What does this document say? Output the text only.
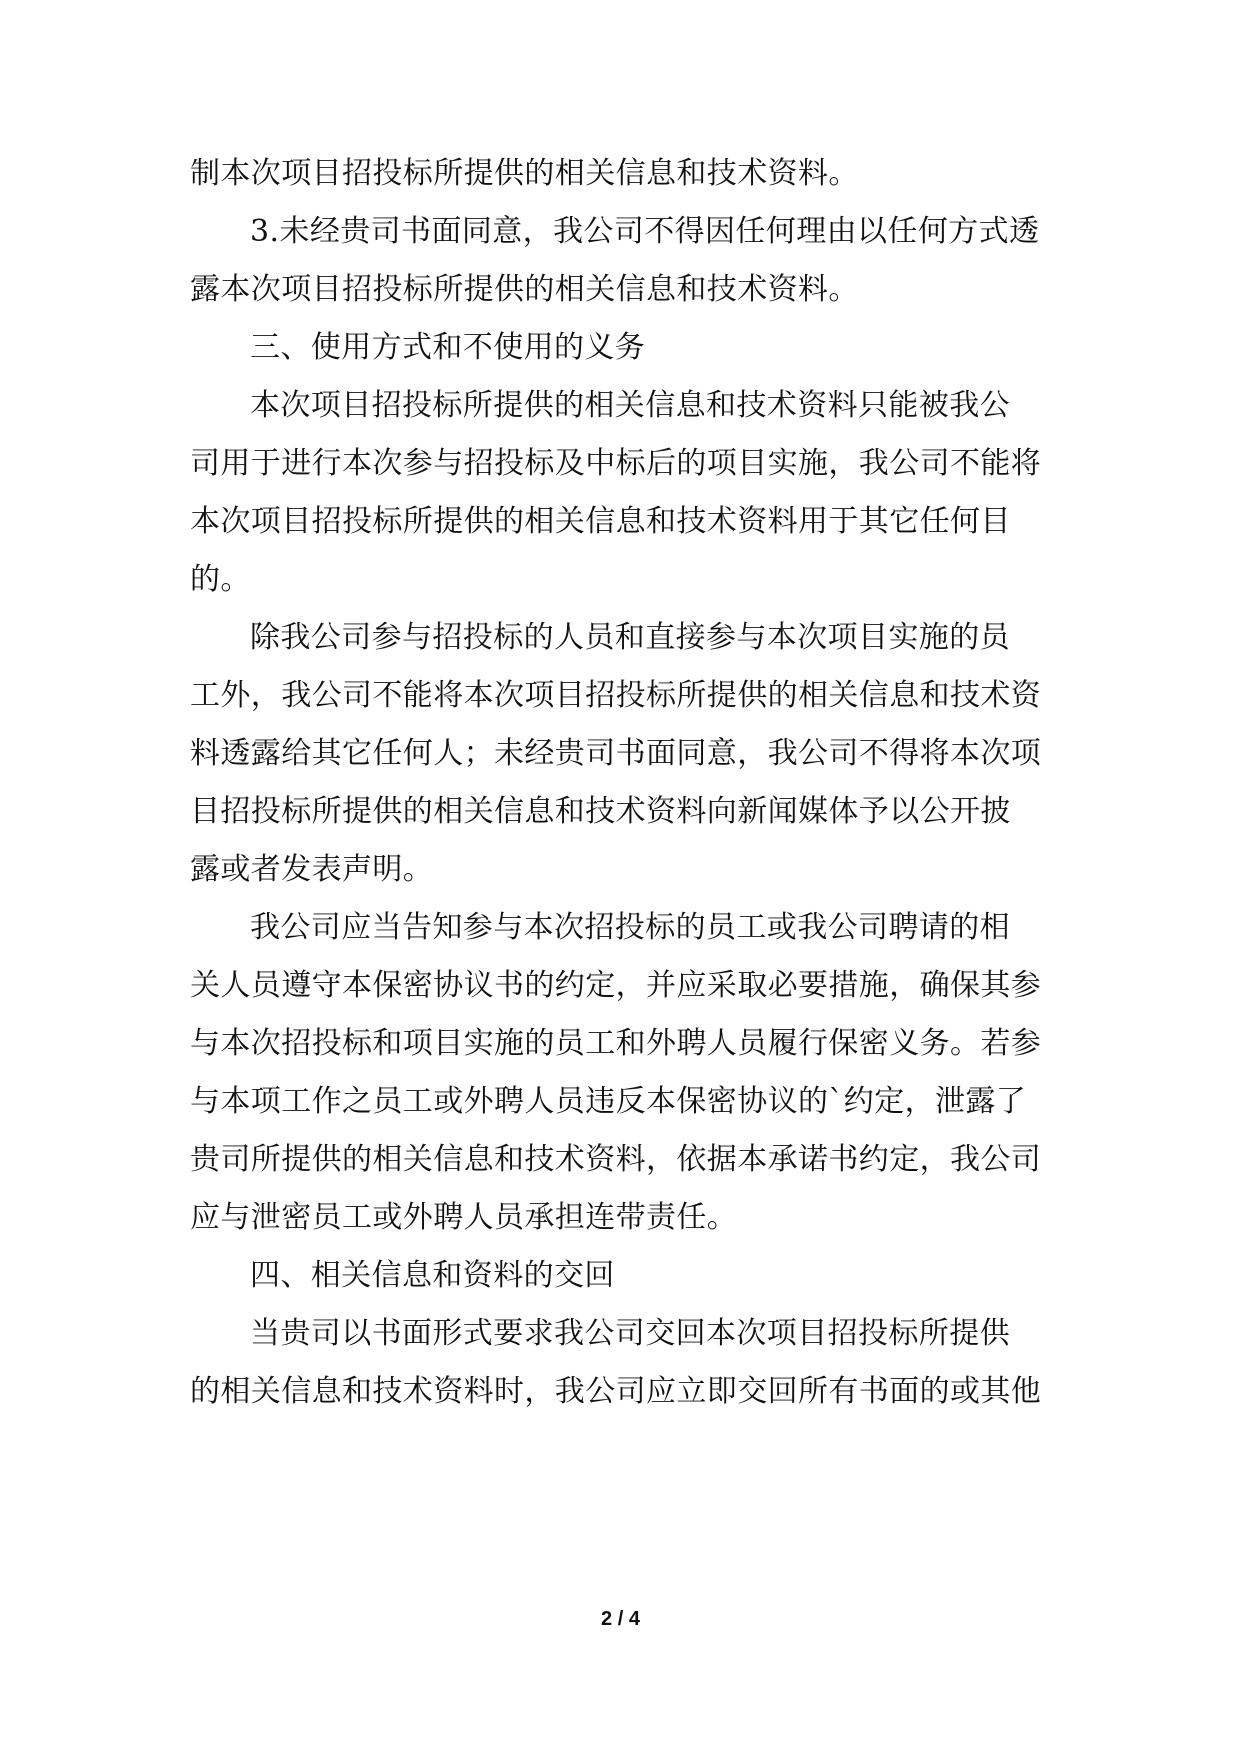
制本次项目招投标所提供的相关信息和技术资料。
3.未经贵司书面同意，我公司不得因任何理由以任何方式透
露本次项目招投标所提供的相关信息和技术资料。
三、使用方式和不使用的义务
本次项目招投标所提供的相关信息和技术资料只能被我公
司用于进行本次参与招投标及中标后的项目实施，我公司不能将
本次项目招投标所提供的相关信息和技术资料用于其它任何目
的。
除我公司参与招投标的人员和直接参与本次项目实施的员
工外，我公司不能将本次项目招投标所提供的相关信息和技术资
料透露给其它任何人；未经贵司书面同意，我公司不得将本次项
目招投标所提供的相关信息和技术资料向新闻媒体予以公开披
露或者发表声明。
我公司应当告知参与本次招投标的员工或我公司聘请的相
关人员遵守本保密协议书的约定，并应采取必要措施，确保其参
与本次招投标和项目实施的员工和外聘人员履行保密义务。若参
与本项工作之员工或外聘人员违反本保密协议的`约定，泄露了
贵司所提供的相关信息和技术资料，依据本承诺书约定，我公司
应与泄密员工或外聘人员承担连带责任。
四、相关信息和资料的交回
当贵司以书面形式要求我公司交回本次项目招投标所提供
的相关信息和技术资料时，我公司应立即交回所有书面的或其他
2 / 4
